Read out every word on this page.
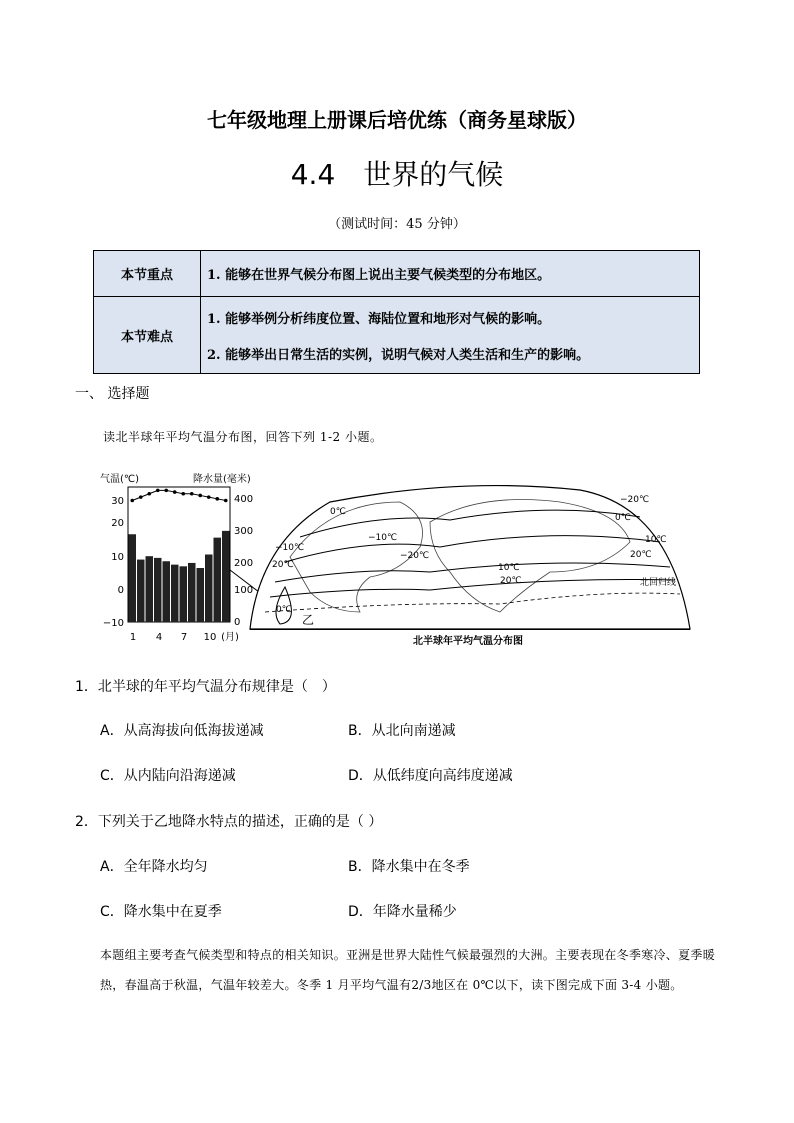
七年级地理上册课后培优练（商务星球版）
4.4　世界的气候
（测试时间：45 分钟）
本节重点	1. 能够在世界气候分布图上说出主要气候类型的分布地区。
本节难点	1. 能够举例分析纬度位置、海陆位置和地形对气候的影响。
2. 能够举出日常生活的实例，说明气候对人类生活和生产的影响。
一、 选择题
读北半球年平均气温分布图，回答下列 1-2 小题。
气温(℃)	降水量(毫米)
30
20
10
0
−10
400
300
200
100
0
1 4 7 10 (月)
0℃
−10℃
−20℃
10℃
20℃
−20℃
0℃
20℃
10℃
0℃
−10℃
20℃
北回归线
乙
北半球年平均气温分布图
1．北半球的年平均气温分布规律是（　）
A．从高海拔向低海拔递减	B．从北向南递减
C．从内陆向沿海递减	D．从低纬度向高纬度递减
2．下列关于乙地降水特点的描述，正确的是（ ）
A．全年降水均匀	B．降水集中在冬季
C．降水集中在夏季	D．年降水量稀少
本题组主要考查气候类型和特点的相关知识。亚洲是世界大陆性气候最强烈的大洲。主要表现在冬季寒冷、夏季暖热，春温高于秋温，气温年较差大。冬季 1 月平均气温有2/3地区在 0℃以下，读下图完成下面 3-4 小题。
